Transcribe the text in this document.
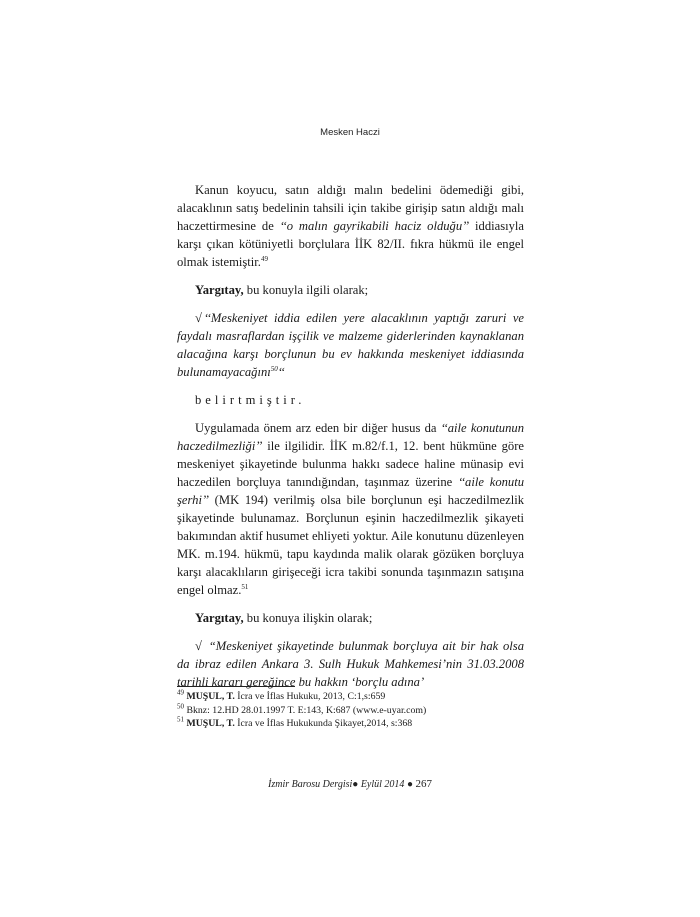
Mesken Haczi

Kanun koyucu, satın aldığı malın bedelini ödemediği gibi, alacaklının satış bedelinin tahsili için takibe girişip satın aldığı malı haczettirmesine de ‘‘o malın gayrikabili haciz olduğu’’ iddiasıyla karşı çıkan kötüniyetli borçlulara İİK 82/II. fıkra hükmü ile engel olmak istemiştir.$^{49}$

Yargıtay, bu konuyla ilgili olarak;

√ ‘‘Meskeniyet iddia edilen yere alacaklının yaptığı zaruri ve faydalı masraflardan işçilik ve malzeme giderlerinden kaynaklanan alacağına karşı borçlunun bu ev hakkında meskeniyet iddiasında bulunamayacağını$^{50}$‘‘

belirtmiştir.

Uygulamada önem arz eden bir diğer husus da ‘‘aile konutunun haczedilmezliği’’ ile ilgilidir. İİK m.82/f.1, 12. bent hükmüne göre meskeniyet şikayetinde bulunma hakkı sadece haline münasip evi haczedilen borçluya tanındığından, taşınmaz üzerine ‘‘aile konutu şerhi’’ (MK 194) verilmiş olsa bile borçlunun eşi haczedilmezlik şikayetinde bulunamaz. Borçlunun eşinin haczedilmezlik şikayeti bakımından aktif husumet ehliyeti yoktur. Aile konutunu düzenleyen MK. m.194. hükmü, tapu kaydında malik olarak gözüken borçluya karşı alacaklıların girişeceği icra takibi sonunda taşınmazın satışına engel olmaz.$^{51}$

Yargıtay, bu konuya ilişkin olarak;

√ “Meskeniyet şikayetinde bulunmak borçluya ait bir hak olsa da ibraz edilen Ankara 3. Sulh Hukuk Mahkemesi’nin 31.03.2008 tarihli kararı gereğince bu hakkın ‘borçlu adına’

$^{49}$ MUŞUL, T. İcra ve İflas Hukuku, 2013, C:1,s:659

$^{50}$ Bknz: 12.HD 28.01.1997 T. E:143, K:687 (www.e-uyar.com)

$^{51}$ MUŞUL, T. İcra ve İflas Hukukunda Şikayet,2014, s:368

İzmir Barosu Dergisi● Eylül 2014 ● 267
